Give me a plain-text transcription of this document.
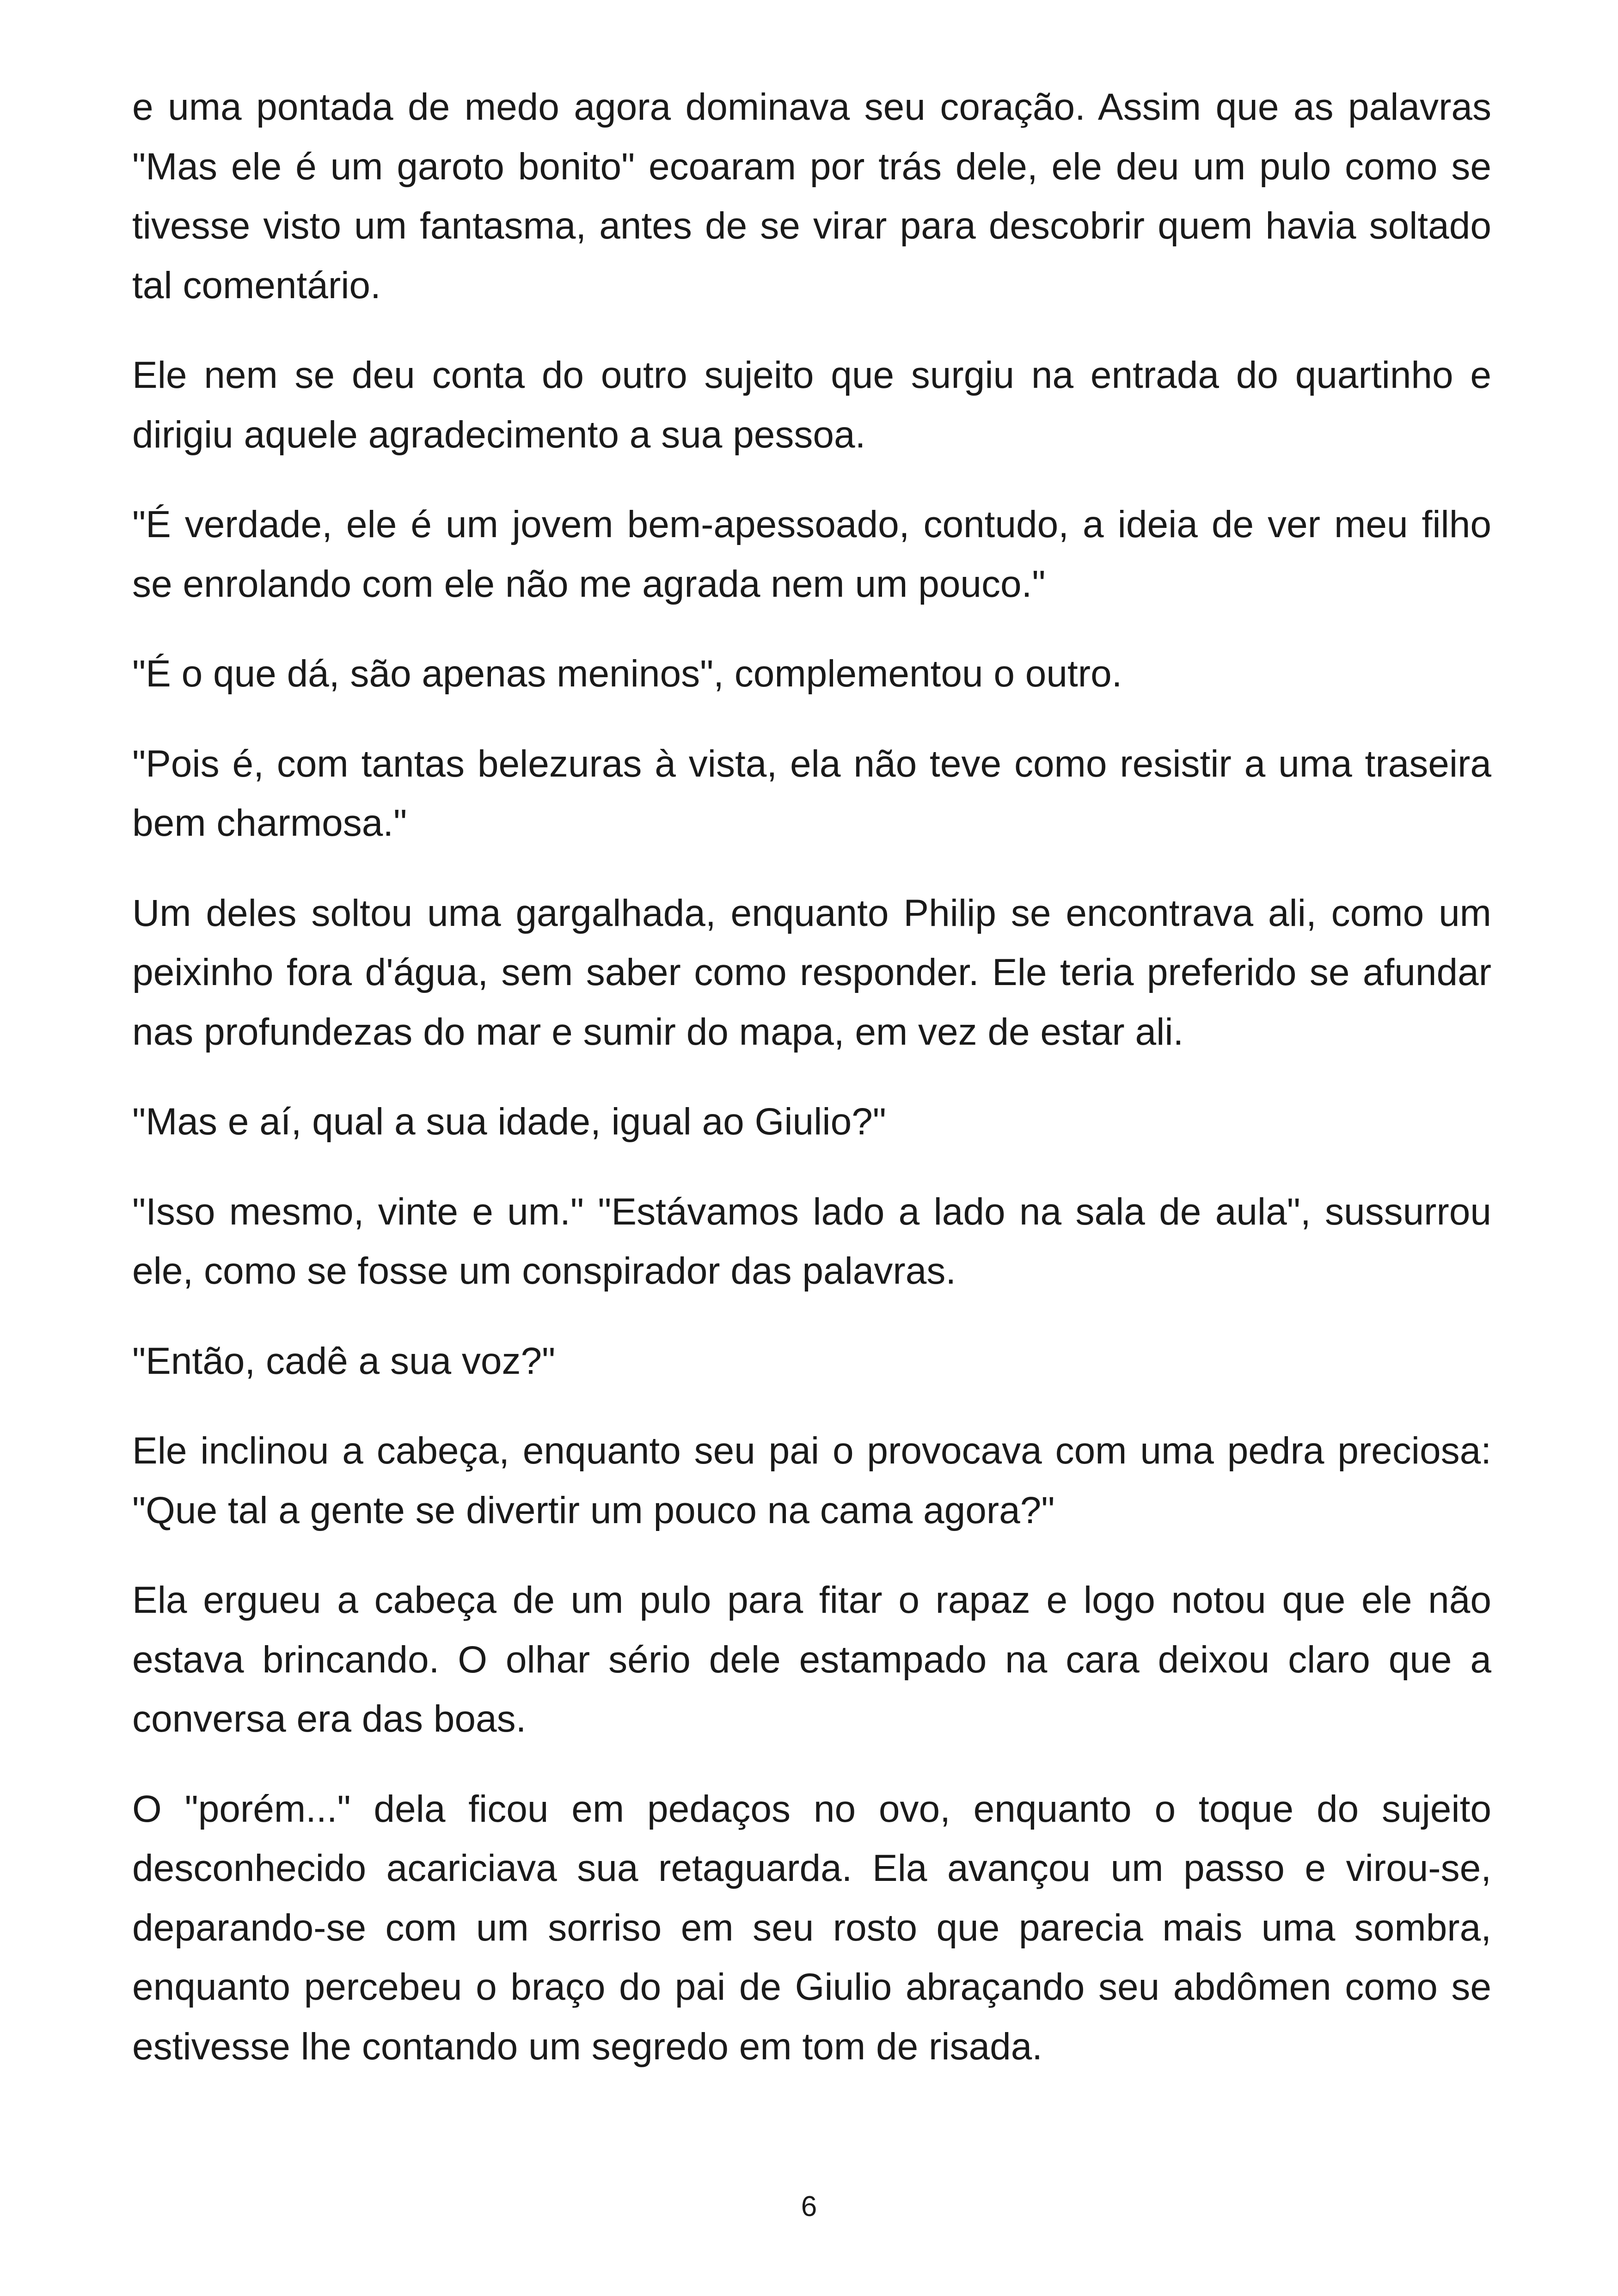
e uma pontada de medo agora dominava seu coração. Assim que as palavras "Mas ele é um garoto bonito" ecoaram por trás dele, ele deu um pulo como se tivesse visto um fantasma, antes de se virar para descobrir quem havia soltado tal comentário.

Ele nem se deu conta do outro sujeito que surgiu na entrada do quartinho e dirigiu aquele agradecimento a sua pessoa.

"É verdade, ele é um jovem bem-apessoado, contudo, a ideia de ver meu filho se enrolando com ele não me agrada nem um pouco."

"É o que dá, são apenas meninos", complementou o outro.

"Pois é, com tantas belezuras à vista, ela não teve como resistir a uma traseira bem charmosa."

Um deles soltou uma gargalhada, enquanto Philip se encontrava ali, como um peixinho fora d'água, sem saber como responder. Ele teria preferido se afundar nas profundezas do mar e sumir do mapa, em vez de estar ali.

"Mas e aí, qual a sua idade, igual ao Giulio?"

"Isso mesmo, vinte e um." "Estávamos lado a lado na sala de aula", sussurrou ele, como se fosse um conspirador das palavras.

"Então, cadê a sua voz?"

Ele inclinou a cabeça, enquanto seu pai o provocava com uma pedra preciosa: "Que tal a gente se divertir um pouco na cama agora?"

Ela ergueu a cabeça de um pulo para fitar o rapaz e logo notou que ele não estava brincando. O olhar sério dele estampado na cara deixou claro que a conversa era das boas.

O "porém..." dela ficou em pedaços no ovo, enquanto o toque do sujeito desconhecido acariciava sua retaguarda. Ela avançou um passo e virou-se, deparando-se com um sorriso em seu rosto que parecia mais uma sombra, enquanto percebeu o braço do pai de Giulio abraçando seu abdômen como se estivesse lhe contando um segredo em tom de risada.

6
